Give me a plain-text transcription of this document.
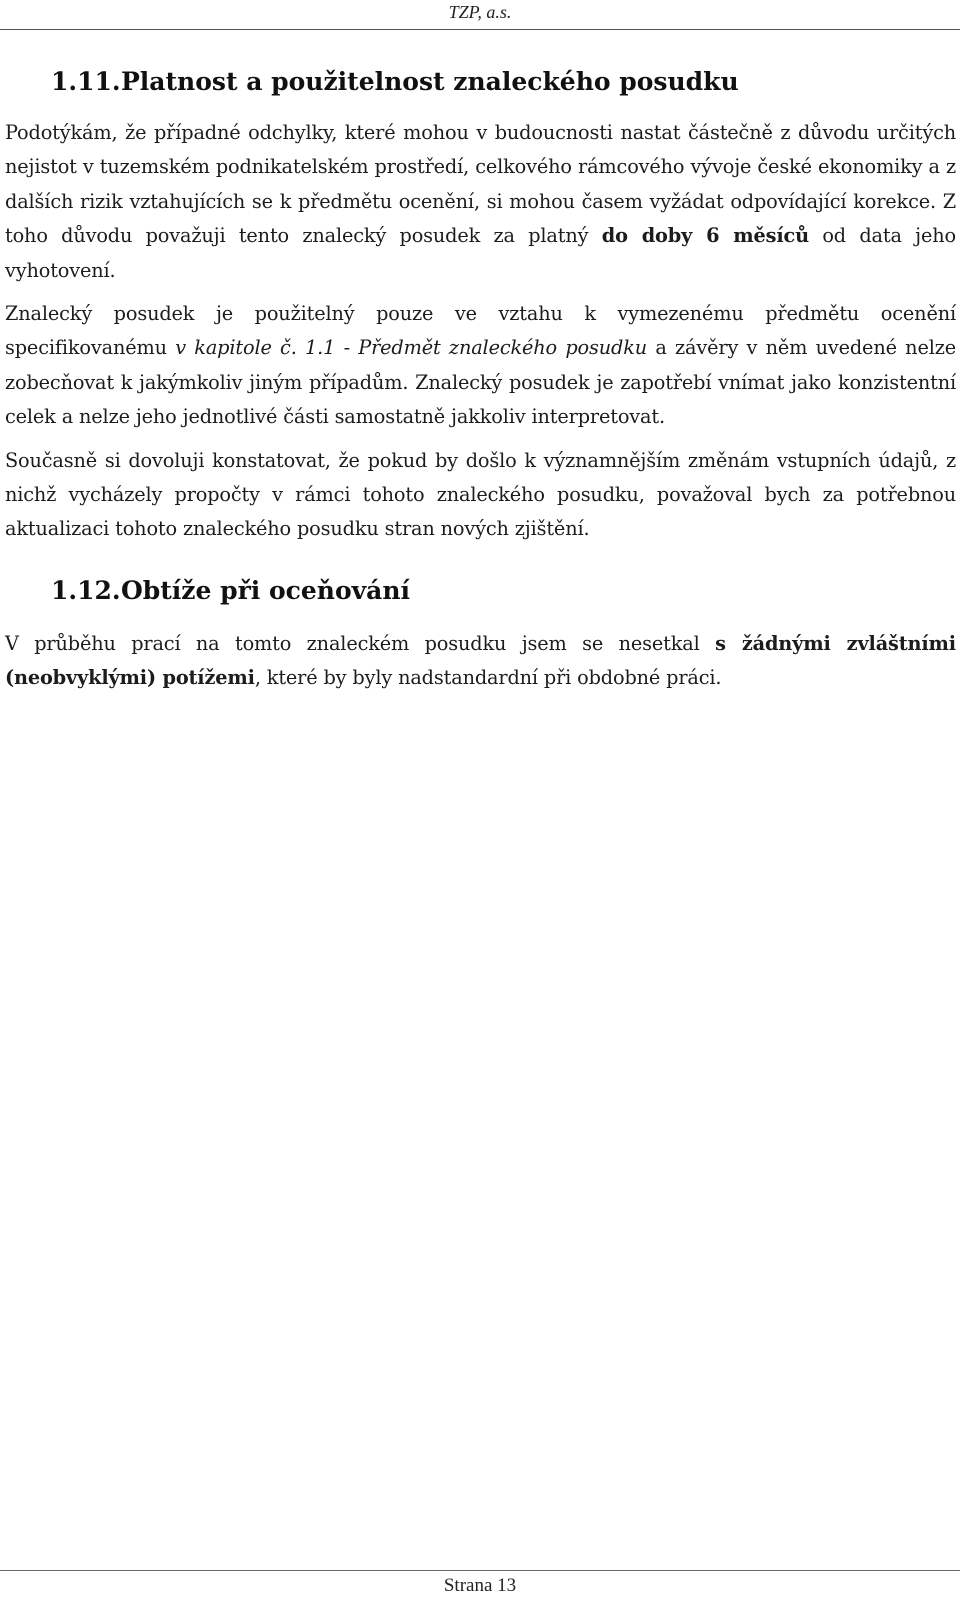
TZP, a.s.
1.11. Platnost a použitelnost znaleckého posudku

Podotýkám, že případné odchylky, které mohou v budoucnosti nastat částečně z důvodu určitých nejistot v tuzemském podnikatelském prostředí, celkového rámcového vývoje české ekonomiky a z dalších rizik vztahujících se k předmětu ocenění, si mohou časem vyžádat odpovídající korekce. Z toho důvodu považuji tento znalecký posudek za platný do doby 6 měsíců od data jeho vyhotovení.

Znalecký posudek je použitelný pouze ve vztahu k vymezenému předmětu ocenění specifikovanému v kapitole č. 1.1 - Předmět znaleckého posudku a závěry v něm uvedené nelze zobecňovat k jakýmkoliv jiným případům. Znalecký posudek je zapotřebí vnímat jako konzistentní celek a nelze jeho jednotlivé části samostatně jakkoliv interpretovat.

Současně si dovoluji konstatovat, že pokud by došlo k významnějším změnám vstupních údajů, z nichž vycházely propočty v rámci tohoto znaleckého posudku, považoval bych za potřebnou aktualizaci tohoto znaleckého posudku stran nových zjištění.

1.12. Obtíže při oceňování

V průběhu prací na tomto znaleckém posudku jsem se nesetkal s žádnými zvláštními (neobvyklými) potížemi, které by byly nadstandardní při obdobné práci.

Strana 13
